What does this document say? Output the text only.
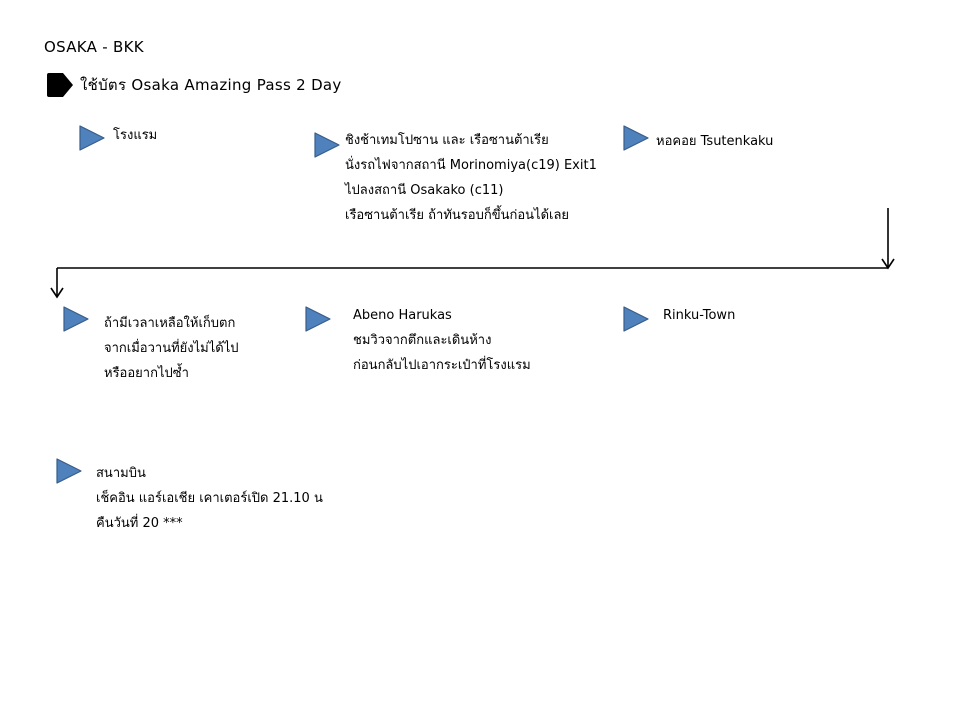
OSAKA - BKK
ใช้บัตร Osaka Amazing Pass 2 Day
โรงแรม	ชิงช้าเทมโปซาน และ เรือซานต้าเรีย
นั่งรถไฟจากสถานี Morinomiya(c19) Exit1
ไปลงสถานี Osakako (c11)
เรือซานต้าเรีย ถ้าทันรอบก็ขึ้นก่อนได้เลย
หอคอย Tsutenkaku
ถ้ามีเวลาเหลือให้เก็บตก
จากเมื่อวานที่ยังไม่ได้ไป
หรืออยากไปซ้ำ
Abeno Harukas
ชมวิวจากตึกและเดินห้าง
ก่อนกลับไปเอากระเป๋าที่โรงแรม
Rinku-Town
สนามบิน
เช็คอิน แอร์เอเชีย เคาเตอร์เปิด 21.10 น
คืนวันที่ 20 ***
